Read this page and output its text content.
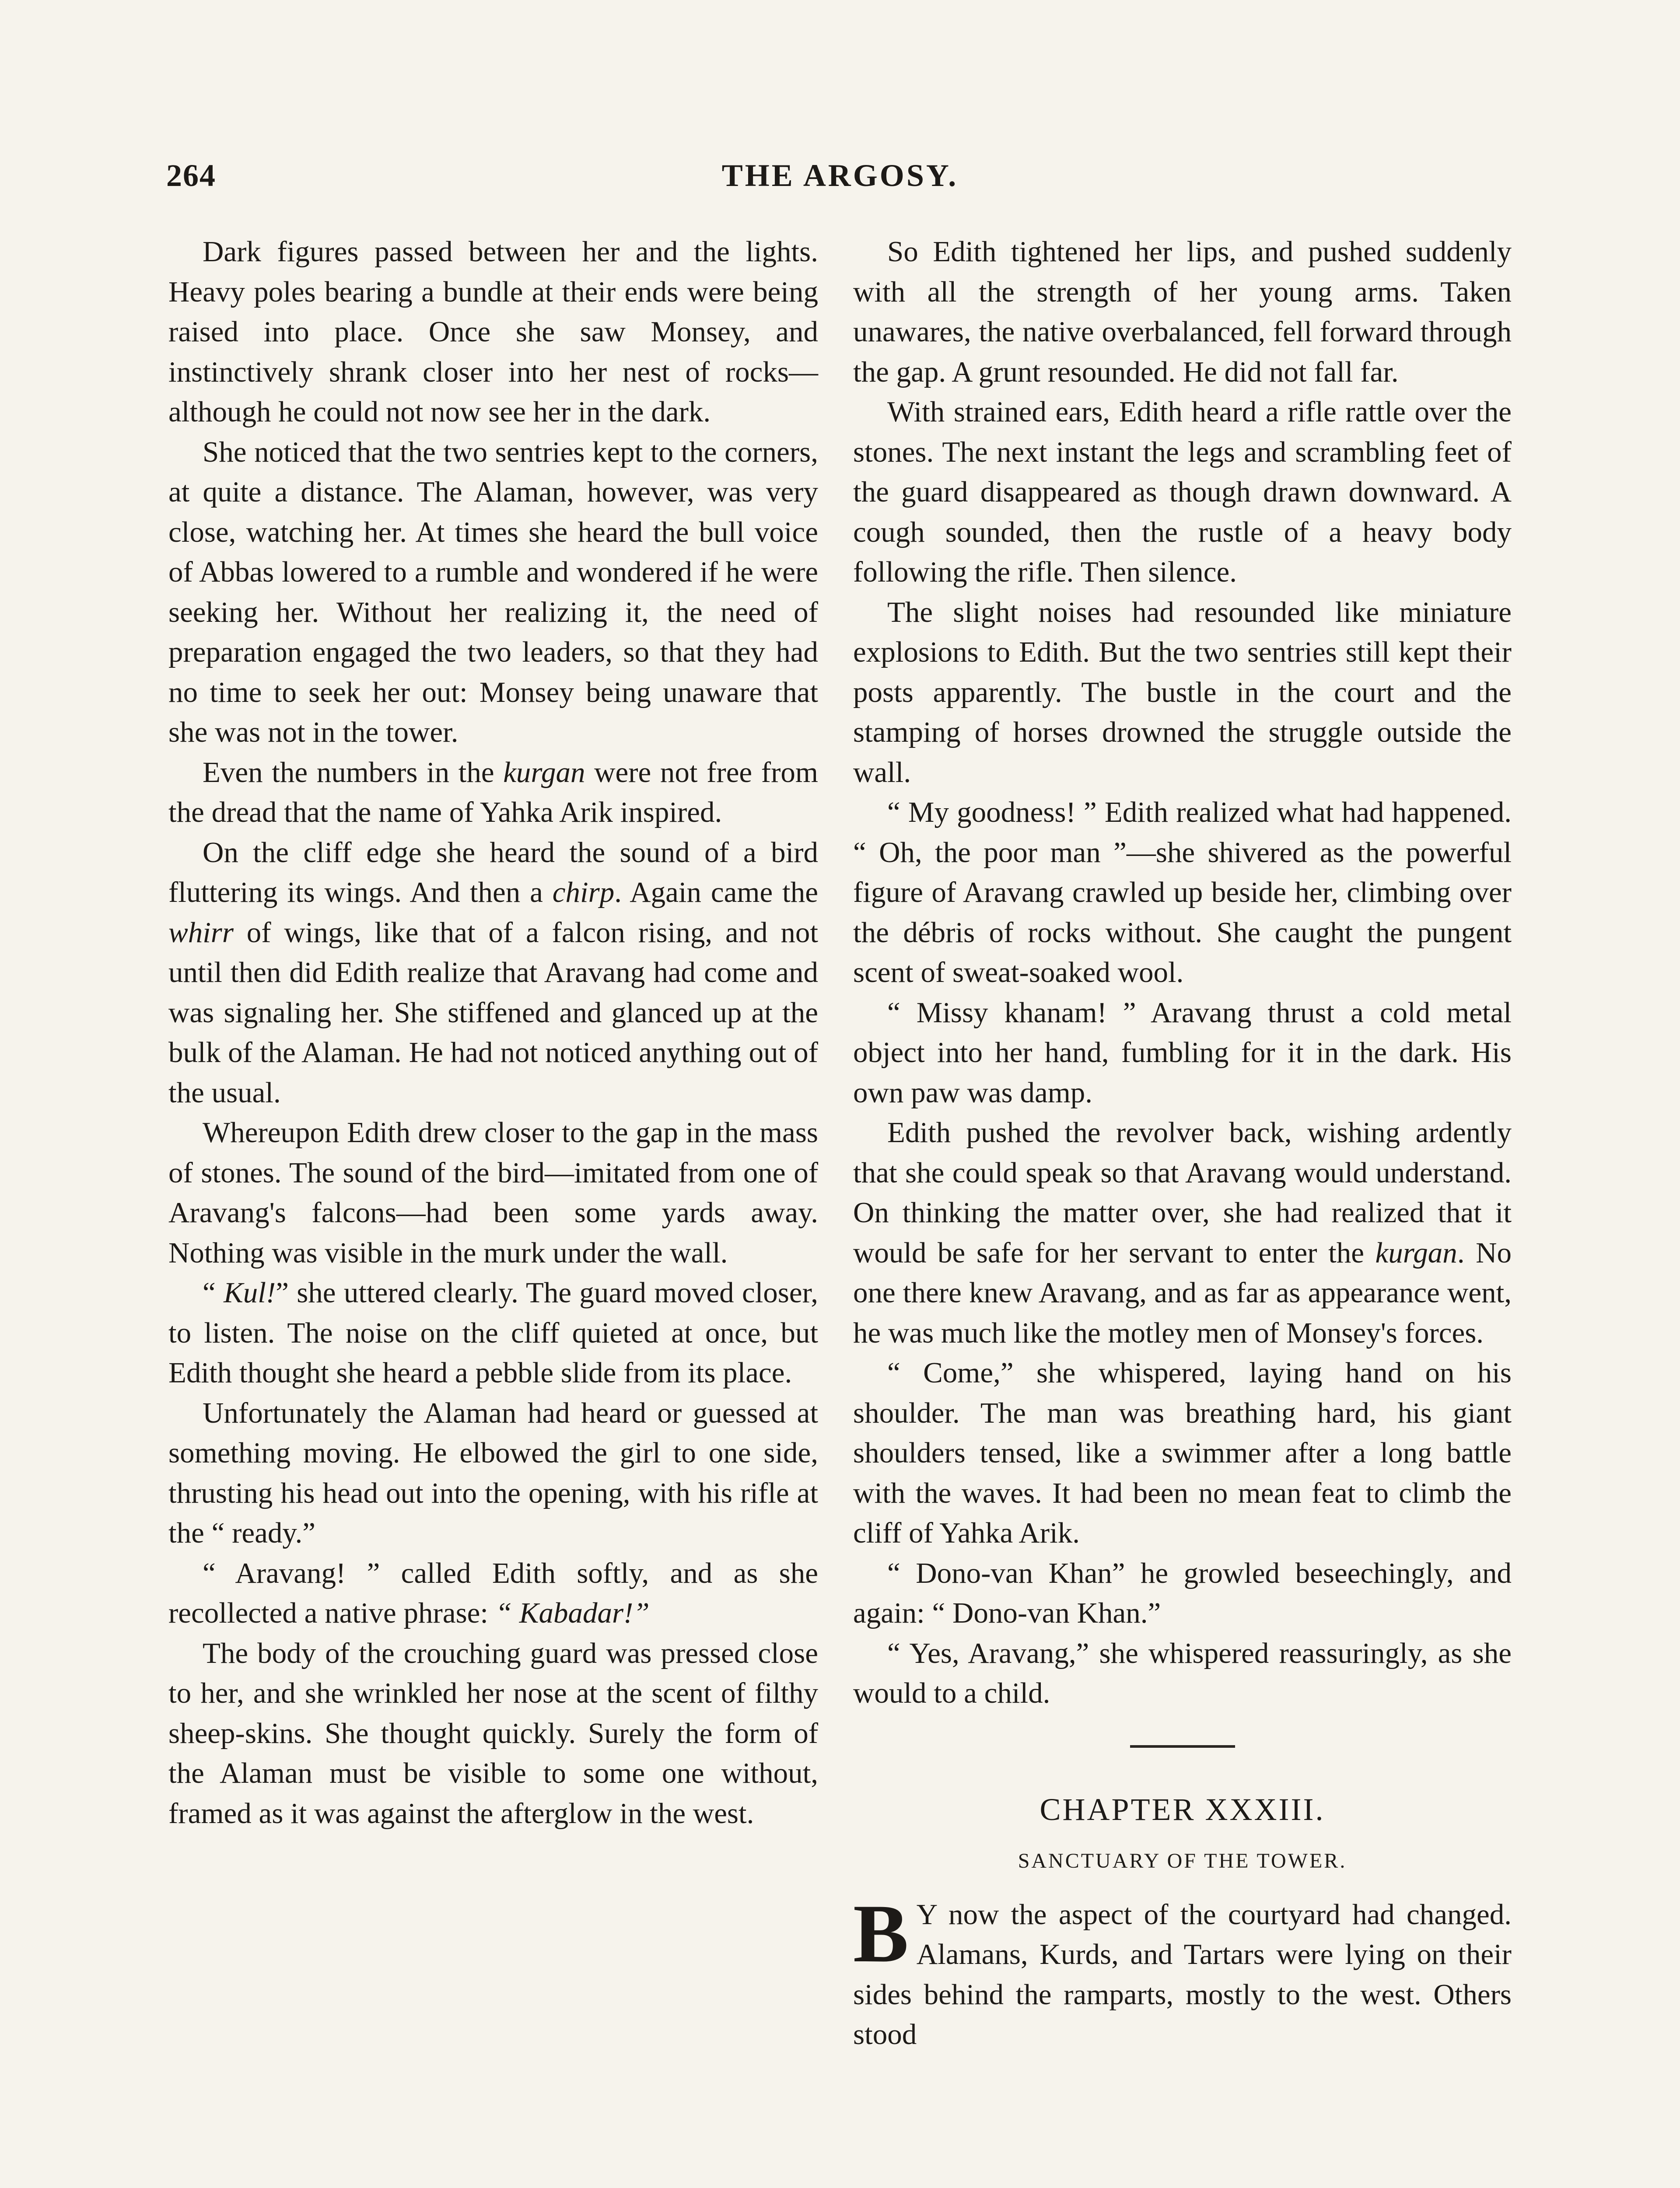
264	THE ARGOSY.

Dark figures passed between her and the lights. Heavy poles bearing a bundle at their ends were being raised into place. Once she saw Monsey, and instinctively shrank closer into her nest of rocks—although he could not now see her in the dark.

She noticed that the two sentries kept to the corners, at quite a distance. The Alaman, however, was very close, watching her. At times she heard the bull voice of Abbas lowered to a rumble and wondered if he were seeking her. Without her realizing it, the need of preparation engaged the two leaders, so that they had no time to seek her out: Monsey being unaware that she was not in the tower.

Even the numbers in the kurgan were not free from the dread that the name of Yahka Arik inspired.

On the cliff edge she heard the sound of a bird fluttering its wings. And then a chirp. Again came the whirr of wings, like that of a falcon rising, and not until then did Edith realize that Aravang had come and was signaling her. She stiffened and glanced up at the bulk of the Alaman. He had not noticed anything out of the usual.

Whereupon Edith drew closer to the gap in the mass of stones. The sound of the bird—imitated from one of Aravang's falcons—had been some yards away. Nothing was visible in the murk under the wall.

“ Kul!” she uttered clearly. The guard moved closer, to listen. The noise on the cliff quieted at once, but Edith thought she heard a pebble slide from its place.

Unfortunately the Alaman had heard or guessed at something moving. He elbowed the girl to one side, thrusting his head out into the opening, with his rifle at the “ ready.”

“ Aravang! ” called Edith softly, and as she recollected a native phrase: “ Kabadar!”

The body of the crouching guard was pressed close to her, and she wrinkled her nose at the scent of filthy sheep-skins. She thought quickly. Surely the form of the Alaman must be visible to some one without, framed as it was against the afterglow in the west.

So Edith tightened her lips, and pushed suddenly with all the strength of her young arms. Taken unawares, the native overbalanced, fell forward through the gap. A grunt resounded. He did not fall far.

With strained ears, Edith heard a rifle rattle over the stones. The next instant the legs and scrambling feet of the guard disappeared as though drawn downward. A cough sounded, then the rustle of a heavy body following the rifle. Then silence.

The slight noises had resounded like miniature explosions to Edith. But the two sentries still kept their posts apparently. The bustle in the court and the stamping of horses drowned the struggle outside the wall.

“ My goodness! ” Edith realized what had happened. “ Oh, the poor man ”—she shivered as the powerful figure of Aravang crawled up beside her, climbing over the débris of rocks without. She caught the pungent scent of sweat-soaked wool.

“ Missy khanam! ” Aravang thrust a cold metal object into her hand, fumbling for it in the dark. His own paw was damp.

Edith pushed the revolver back, wishing ardently that she could speak so that Aravang would understand. On thinking the matter over, she had realized that it would be safe for her servant to enter the kurgan. No one there knew Aravang, and as far as appearance went, he was much like the motley men of Monsey's forces.

“ Come,” she whispered, laying hand on his shoulder. The man was breathing hard, his giant shoulders tensed, like a swimmer after a long battle with the waves. It had been no mean feat to climb the cliff of Yahka Arik.

“ Dono-van Khan” he growled beseechingly, and again: “ Dono-van Khan.”

“ Yes, Aravang,” she whispered reassuringly, as she would to a child.

CHAPTER XXXIII.
SANCTUARY OF THE TOWER.

B Y now the aspect of the courtyard had changed. Alamans, Kurds, and Tartars were lying on their sides behind the ramparts, mostly to the west. Others stood
